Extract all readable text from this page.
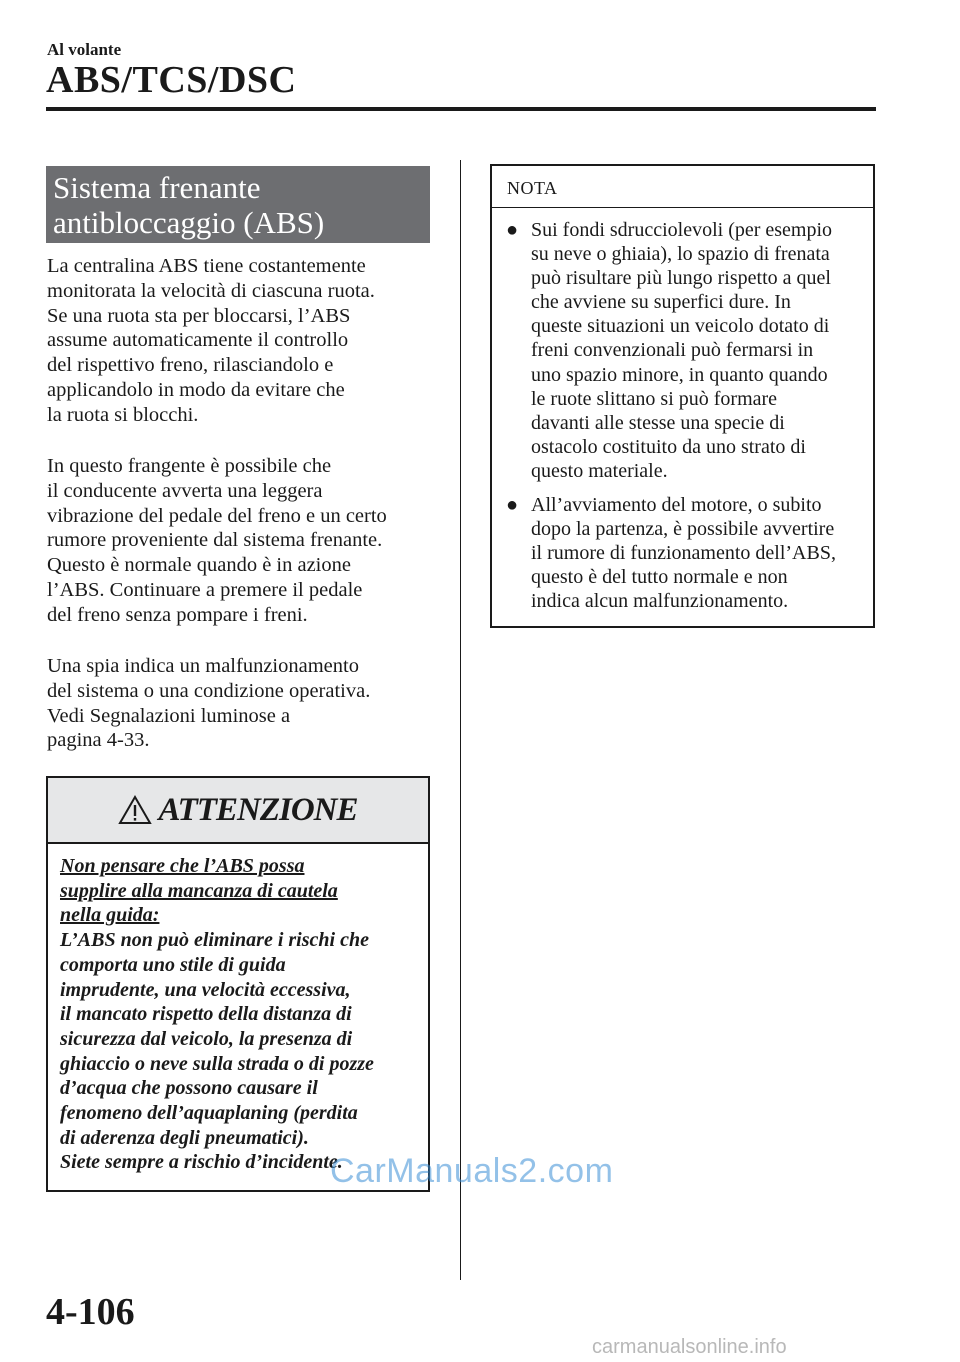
Al volante
ABS/TCS/DSC
Sistema frenante
antibloccaggio (ABS)
La centralina ABS tiene costantemente
monitorata la velocità di ciascuna ruota.
Se una ruota sta per bloccarsi, l’ABS
assume automaticamente il controllo
del rispettivo freno, rilasciandolo e
applicandolo in modo da evitare che
la ruota si blocchi.
In questo frangente è possibile che
il conducente avverta una leggera
vibrazione del pedale del freno e un certo
rumore proveniente dal sistema frenante.
Questo è normale quando è in azione
l’ABS. Continuare a premere il pedale
del freno senza pompare i freni.
Una spia indica un malfunzionamento
del sistema o una condizione operativa.
Vedi Segnalazioni luminose a
pagina 4-33.
ATTENZIONE
Non pensare che l’ABS possa
supplire alla mancanza di cautela
nella guida:
L’ABS non può eliminare i rischi che
comporta uno stile di guida
imprudente, una velocità eccessiva,
il mancato rispetto della distanza di
sicurezza dal veicolo, la presenza di
ghiaccio o neve sulla strada o di pozze
d’acqua che possono causare il
fenomeno dell’aquaplaning (perdita
di aderenza degli pneumatici).
Siete sempre a rischio d’incidente.
NOTA
● Sui fondi sdrucciolevoli (per esempio
su neve o ghiaia), lo spazio di frenata
può risultare più lungo rispetto a quel
che avviene su superfici dure. In
queste situazioni un veicolo dotato di
freni convenzionali può fermarsi in
uno spazio minore, in quanto quando
le ruote slittano si può formare
davanti alle stesse una specie di
ostacolo costituito da uno strato di
questo materiale.
● All’avviamento del motore, o subito
dopo la partenza, è possibile avvertire
il rumore di funzionamento dell’ABS,
questo è del tutto normale e non
indica alcun malfunzionamento.
4-106
CarManuals2.com
carmanualsonline.info
